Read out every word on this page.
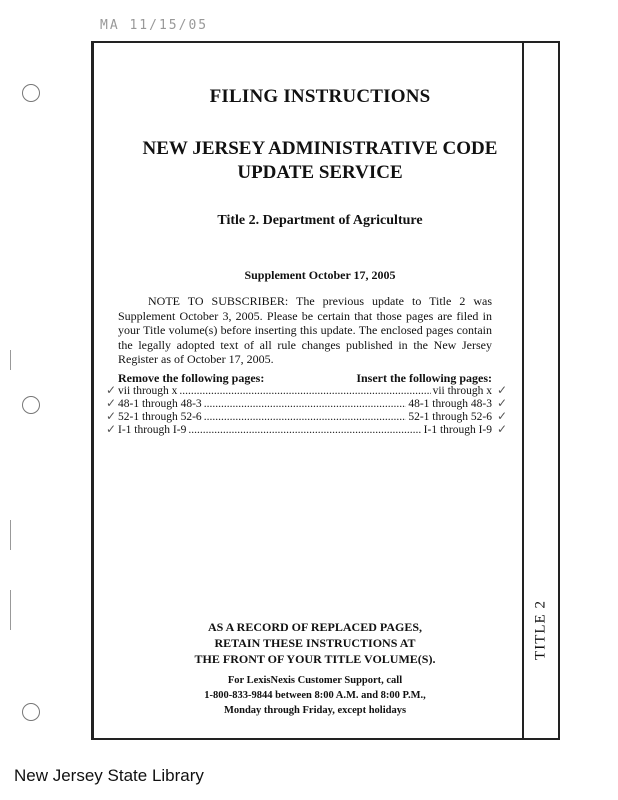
MA 11/15/05
FILING INSTRUCTIONS
NEW JERSEY ADMINISTRATIVE CODE
UPDATE SERVICE
Title 2. Department of Agriculture
Supplement October 17, 2005
NOTE TO SUBSCRIBER: The previous update to Title 2 was Supplement October 3, 2005. Please be certain that those pages are filed in your Title volume(s) before inserting this update. The enclosed pages contain the legally adopted text of all rule changes published in the New Jersey Register as of October 17, 2005.
Remove the following pages:	Insert the following pages:
vii through x .....	vii through x
48-1 through 48-3 .....	48-1 through 48-3
52-1 through 52-6 .....	52-1 through 52-6
I-1 through I-9 .....	I-1 through I-9
✓
✓
✓
✓
✓
✓
✓
✓
AS A RECORD OF REPLACED PAGES,
RETAIN THESE INSTRUCTIONS AT
THE FRONT OF YOUR TITLE VOLUME(S).
For LexisNexis Customer Support, call
1-800-833-9844 between 8:00 A.M. and 8:00 P.M.,
Monday through Friday, except holidays
TITLE 2
New Jersey State Library
